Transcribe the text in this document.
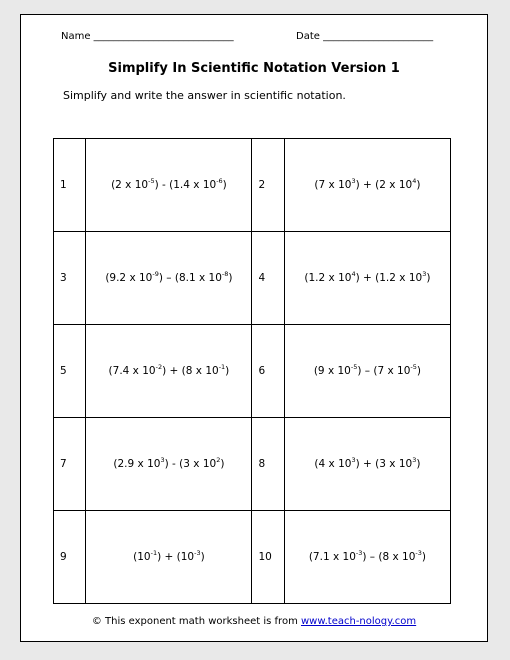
Name ____________________________	Date ______________________
Simplify In Scientific Notation Version 1
Simplify and write the answer in scientific notation.
1	(2 x $10^{-5}) - (1.4$ x $10^{-6}$)	2	(7 x $10^3) + (2$ x $10^4$)
3	(9.2 x $10^{-9}) - (8.1$ x $10^{-8}$)	4	(1.2 x $10^4) + (1.2$ x $10^3$)
5	(7.4 x $10^{-2}) + (8$ x $10^{-1}$)	6	(9 x $10^{-5}) - (7$ x $10^{-5}$)
7	(2.9 x $10^3) - (3$ x $10^2$)	8	(4 x $10^3) + (3$ x $10^3$)
9	$(10^{-1}) + (10^{-3})$	10	(7.1 x $10^{-3}) - (8$ x $10^{-3}$)
© This exponent math worksheet is from www.teach-nology.com
